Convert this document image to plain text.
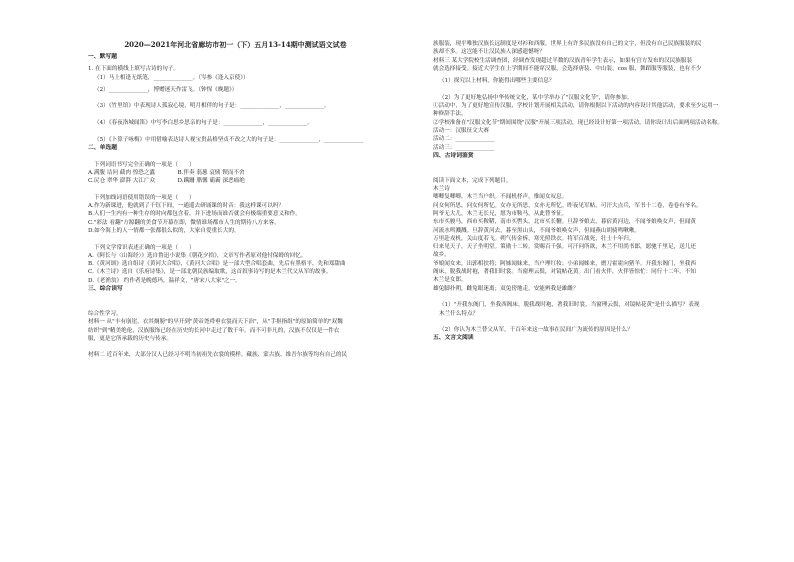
2020—2021年河北省廊坊市初一（下）五月13-14期中测试语文试卷

一、默写题

1. 在下面的横线上填写古诗的句子。

（1）马上相逢无纸笔，______________。（岑参《逢入京使》）

（2）______________，博赠迷天作雷飞。（钟惺《晚题》）

（3）《竹里馆》中表现诗人孤寂心境，明月相伴的句子是：______________，______________。

（4）《春夜洛城闻笛》中写李白思乡思亲的句子是：______________，______________。

（5）《卜算子咏梅》中用借喻表达诗人视宝贵品格坚贞不改之大的句子是：______________，______________

二、单选题

下列词语书写完全正确的一项是（　　）

A.满腹 诘问 截肉 惶恐之蠹　　　　B.伴奏 蓊葱 哀恸 锲而不舍

C.尻仓 翠华 澎湃 大江广众　　　　D.蹒跚 腊馨 霸霸 深恶痛绝

下列加线词语使用错误的一项是（　　）

A.作为新课进，他就到了千钰下间，一通遥去研诵课的时音：我这样课可以吗？

B.人们一生内有一种生存的时向都包含着，并下进场而谁否就会有极端重要意义和作。

C."彩法 看翻"方源翻的美食节开幕在即，微情谁场都市人生的期待八方来客。

D.如今海上的人一情都一张都很么似的，大家自爱重长大的。

下列文学常识表述正确的一项是（　　）

A.《阿长与〈山海经〉》选自鲁迅小说集《朝花夕拾》，文章写作者原对他付保姆的回忆。

B.《黄河颂》选自组诗《黄河大合唱》，《黄河大合唱》是一部大型合唱套曲，先后有黑格平，先和郑甜曲

C.《木兰诗》选自《乐府诗集》，是一部北朝民族编取歌，这首叙事诗写的是木兰代父从军的故事。

D.《老渔翁》 约作者是晚德玛，温祥文，"唐宋八大家"之一。

三、综合读写

综合性学习。

材料一 从"丰有崩崖，衣其炯膀"的早开到"黄帝尧舜垂衣裳而天下治"，从"手抠指组"的原始简单的"双魏

纺织"到"精美绝伦，汉族服饰已经在历史的长河中走过了数千年。而不可非凡的，汉族不仅仅是一件衣

服，更是它所承载的历史与传承。

材料二 近百年来，大部分汉人已经习不明当初祖先衣裳的模样。藏族、蒙古族、维吾尔族等均有自己的民

族服装，现平唯独汉族长远制度是对衫和西服。世界上有许多民族没有自己的文字，但没有自己民族服装的民

族却不多。这岂能不让汉民族人深感遗憾呀？

材料三 某大学院校生活调查团，经调查发现超过半数的汉族青年学生表示，如果有官方发布的汉民族服装

就会选择接受。接近大学生在上学期间不能穿汉服，会选择唐装、中山装、cos 服、舞蹈服等服装，也有不少

（1）探究以上材料，你能得出哪些主要信息？

（2）为了更好地弘扬中华传统文化，某中学举办了"汉服文化节"，请你参加。

①活动中，为了更好地宣传汉服，学校计划开展相关活动，请你根据以下活动的内容设计其他活动，要求至少运用一

种修辞手法。

②学校准备在"汉服文化节"期间围绕"汉服"开展三项活动，现已经设计好第一项活动，请你设计出后面两项活动名称。

活动一：汉服征文大赛

活动二：______________

活动三：______________

四、古诗词鉴赏

阅读下面文本，完成下列题目。

木兰诗

唧唧复唧唧，木兰当户织。不闻机杼声，惟闻女叹息。

问女何所思，问女何所忆。女亦无所思，女亦无所忆。昨夜见军帖，可汗大点兵，军书十二卷，卷卷有爷名。

阿爷无大儿，木兰无长兄，愿为市鞍马，从此替爷征。

东市买骏马，西市买鞍鞯，南市买辔头，北市买长鞭。旦辞爷娘去，暮宿黄河边，不闻爷娘唤女声，但闻黄

河流水鸣溅溅。旦辞黄河去，暮至黑山头，不闻爷娘唤女声，但闻燕山胡骑鸣啾啾。

万里赴戎机，关山度若飞。朔气传金柝，寒光照铁衣。将军百战死，壮士十年归。

归来见天子，天子坐明堂。策勋十二转，赏赐百千强。可汗问所欲，木兰不用尚书郎，愿驰千里足，送儿还

故乡。

爷娘闻女来，出郭相扶将；阿姊闻妹来，当户理红妆；小弟闻姊来，磨刀霍霍向猪羊。开我东阁门，坐我西

阁床，脱我战时袍，著我旧时裳。当窗理云鬓，对镜帖花黄。出门看火伴，火伴皆惊忙：同行十二年，不知

木兰是女郎。

雄兔脚扑朔，雌兔眼迷离；双兔傍地走，安能辨我是雄雌？

（1）"开我东阁门，坐我西阁床。脱我战时袍，著我旧时裳。当窗理云鬓，对镜帖花黄"是什么描写？表现

木兰什么特点？

（2）你认为木兰替父从军，千百年来这一故事在民间广为流传的原因是什么？

五、文言文阅读
